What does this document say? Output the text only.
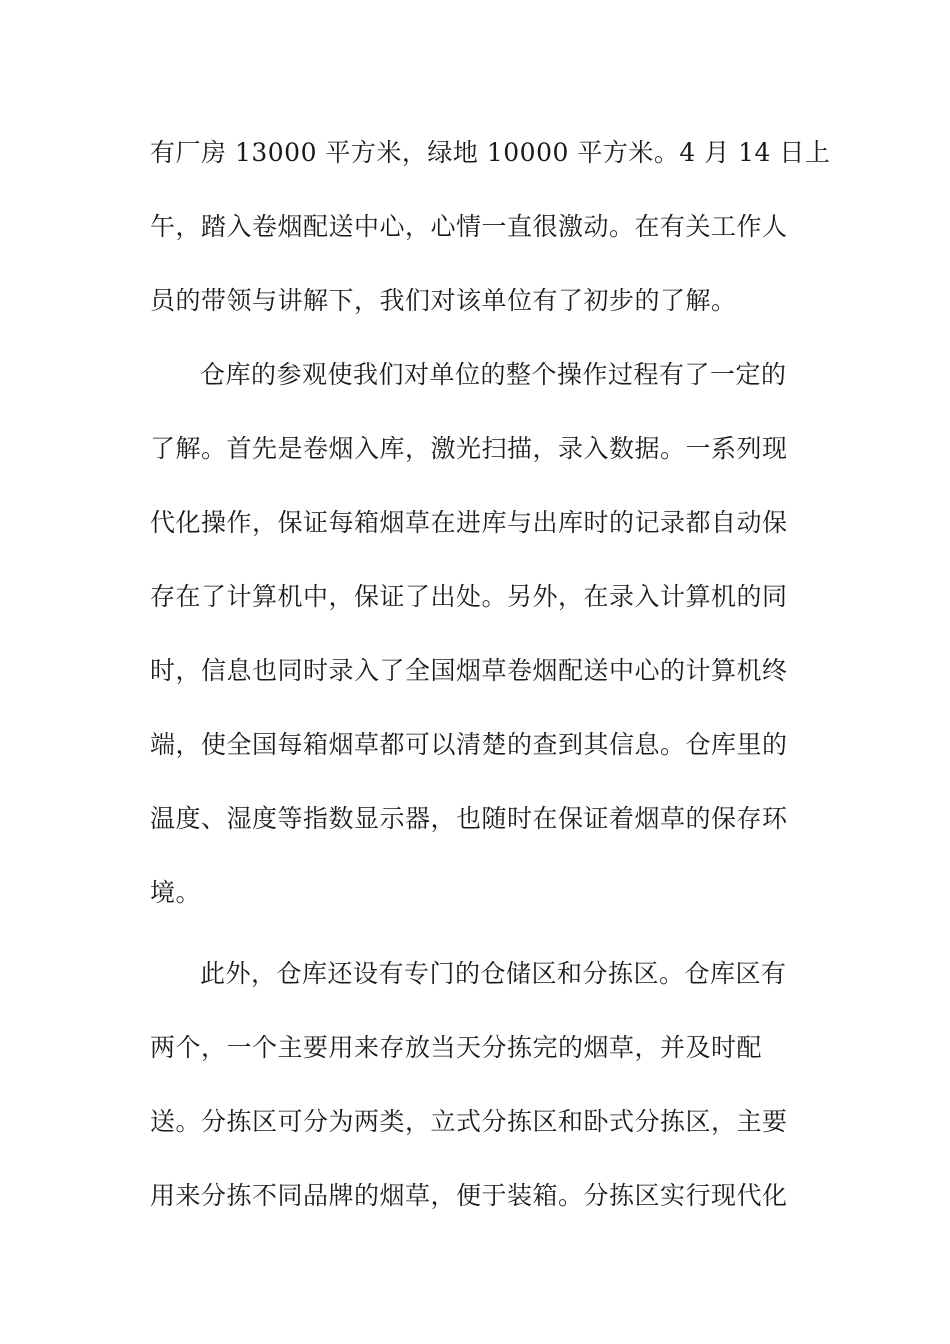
有厂房 13000 平方米，绿地 10000 平方米。4 月 14 日上
午，踏入卷烟配送中心，心情一直很激动。在有关工作人
员的带领与讲解下，我们对该单位有了初步的了解。
仓库的参观使我们对单位的整个操作过程有了一定的
了解。首先是卷烟入库，激光扫描，录入数据。一系列现
代化操作，保证每箱烟草在进库与出库时的记录都自动保
存在了计算机中，保证了出处。另外，在录入计算机的同
时，信息也同时录入了全国烟草卷烟配送中心的计算机终
端，使全国每箱烟草都可以清楚的查到其信息。仓库里的
温度、湿度等指数显示器，也随时在保证着烟草的保存环
境。
此外，仓库还设有专门的仓储区和分拣区。仓库区有
两个，一个主要用来存放当天分拣完的烟草，并及时配
送。分拣区可分为两类，立式分拣区和卧式分拣区，主要
用来分拣不同品牌的烟草，便于装箱。分拣区实行现代化
